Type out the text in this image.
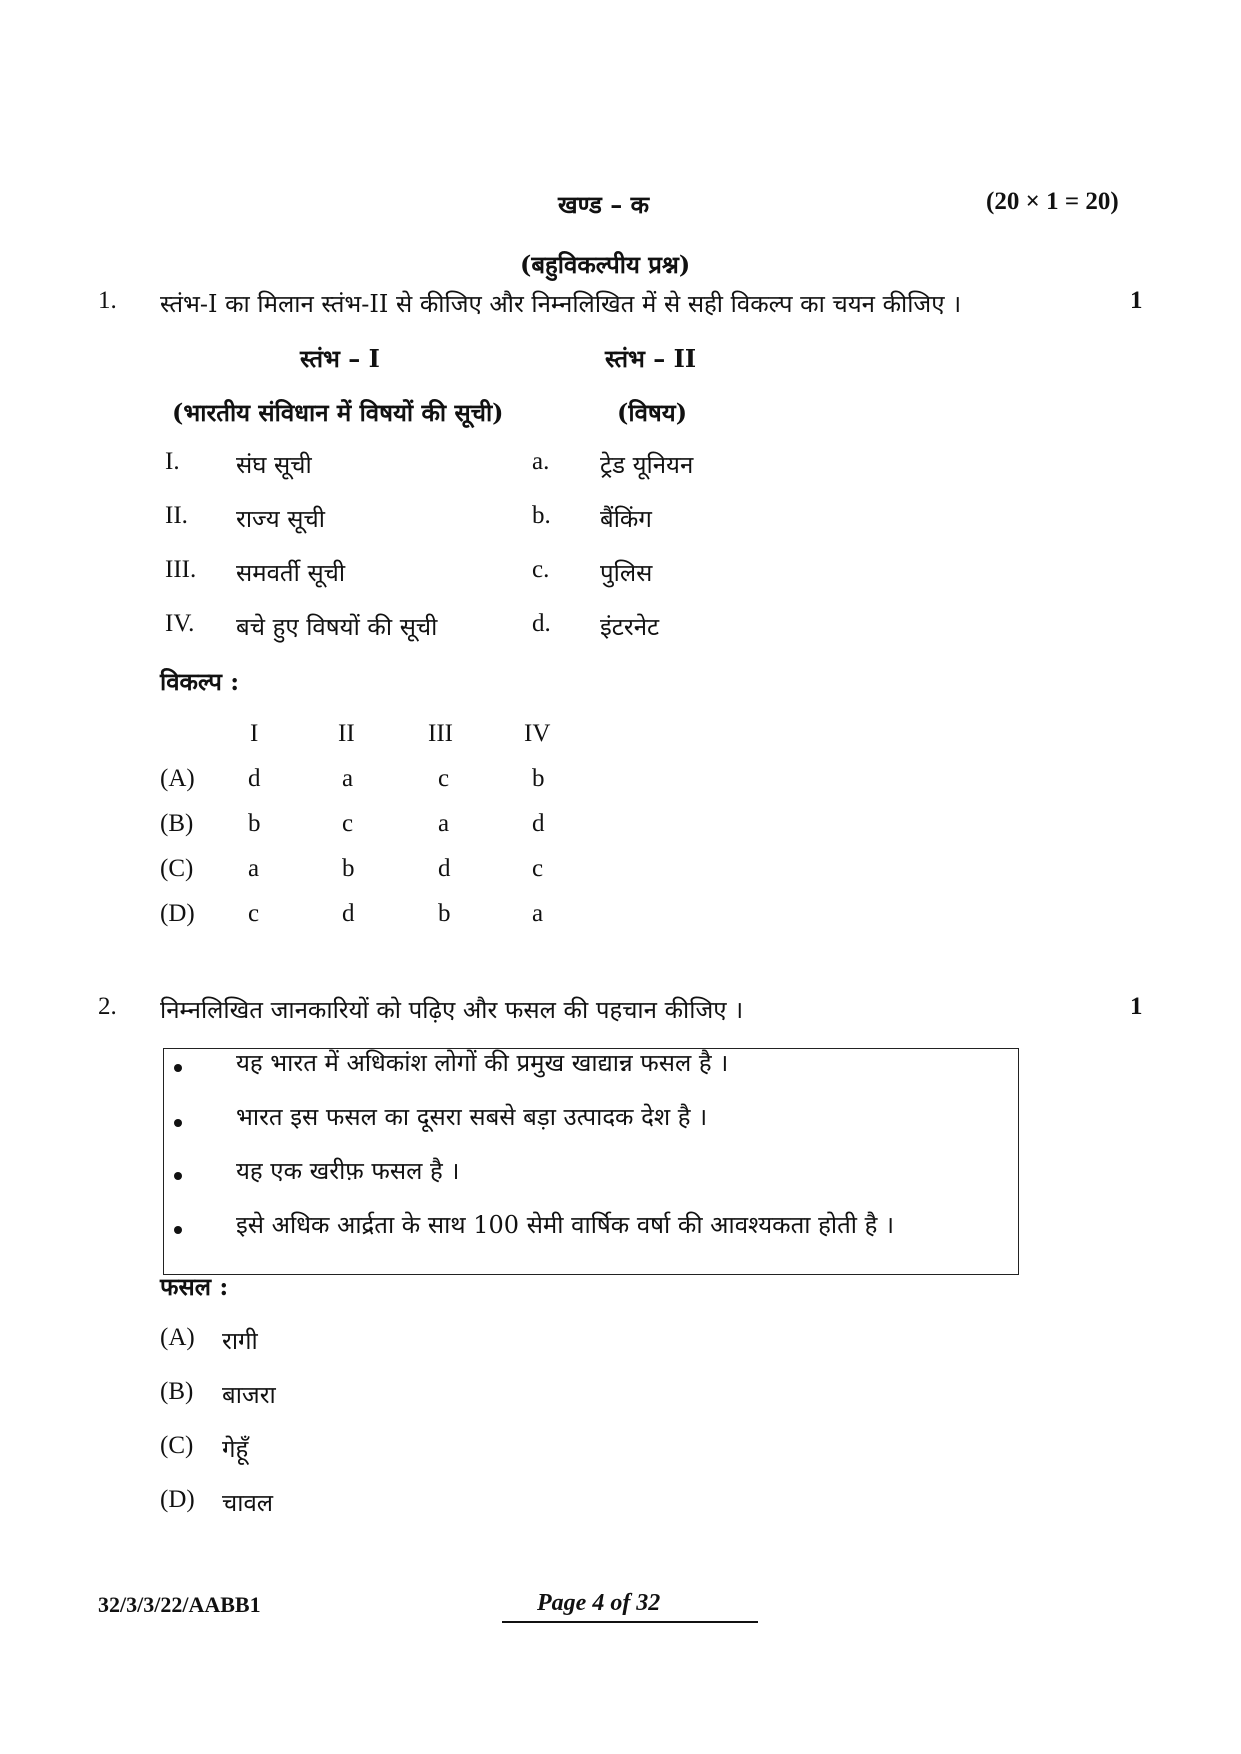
खण्ड – क	(20 × 1 = 20)
(बहुविकल्पीय प्रश्न)
1. स्तंभ-I का मिलान स्तंभ-II से कीजिए और निम्नलिखित में से सही विकल्प का चयन कीजिए ।	1
स्तंभ – I	स्तंभ – II
(भारतीय संविधान में विषयों की सूची)	(विषय)
I. संघ सूची	a. ट्रेड यूनियन
II. राज्य सूची	b. बैंकिंग
III. समवर्ती सूची	c. पुलिस
IV. बचे हुए विषयों की सूची	d. इंटरनेट
विकल्प :
I	II	III	IV
(A) d	a	c	b
(B) b	c	a	d
(C) a	b	d	c
(D) c	d	b	a
2. निम्नलिखित जानकारियों को पढ़िए और फसल की पहचान कीजिए ।	1
यह भारत में अधिकांश लोगों की प्रमुख खाद्यान्न फसल है ।
भारत इस फसल का दूसरा सबसे बड़ा उत्पादक देश है ।
यह एक खरीफ़ फसल है ।
इसे अधिक आर्द्रता के साथ 100 सेमी वार्षिक वर्षा की आवश्यकता होती है ।
फसल :
(A) रागी
(B) बाजरा
(C) गेहूँ
(D) चावल
32/3/3/22/AABB1	Page 4 of 32
